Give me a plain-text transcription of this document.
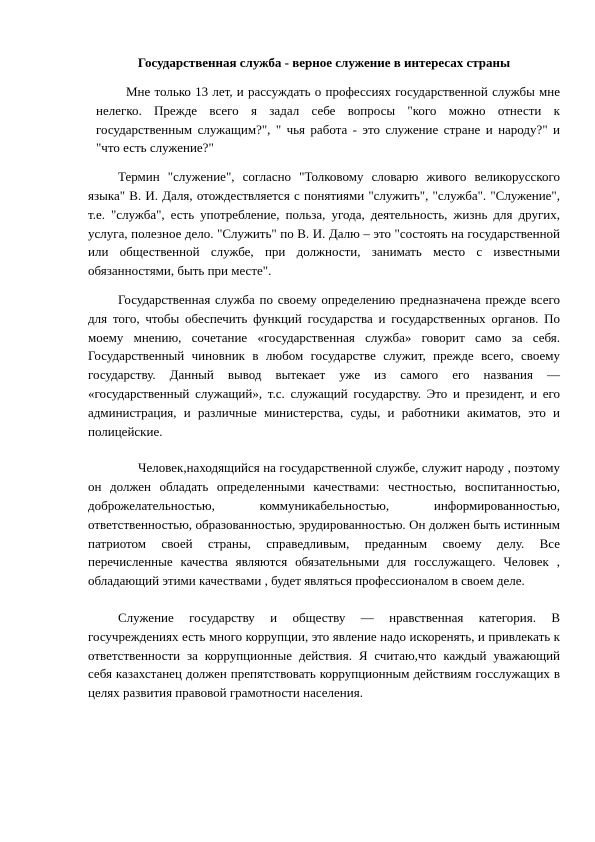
Государственная служба - верное служение в интересах страны

Мне только 13 лет, и рассуждать о профессиях государственной службы мне нелегко. Прежде всего я задал себе вопросы "кого можно отнести к государственным служащим?", " чья работа - это служение стране и народу?" и "что есть служение?"

Термин "служение", согласно "Толковому словарю живого великорусского языка" В. И. Даля, отождествляется с понятиями "служить", "служба". "Служение", т.е. "служба", есть употребление, польза, угода, деятельность, жизнь для других, услуга, полезное дело. "Служить" по В. И. Далю – это "состоять на государственной или общественной службе, при должности, занимать место с известными обязанностями, быть при месте".

Государственная служба по своему определению предназначена прежде всего для того, чтобы обеспечить функций государства и государственных органов. По моему мнению, сочетание «государственная служба» говорит само за себя. Государственный чиновник в любом государстве служит, прежде всего, своему государству. Данный вывод вытекает уже из самого его названия — «государственный служащий», т.с. служащий государству. Это и президент, и его администрация, и различные министерства, суды, и работники акиматов, это и полицейские.

Человек,находящийся на государственной службе, служит народу , поэтому он должен обладать определенными качествами: честностью, воспитанностью, доброжелательностью, коммуникабельностью, информированностью, ответственностью, образованностью, эрудированностью. Он должен быть истинным патриотом своей страны, справедливым, преданным своему делу. Все перечисленные качества являются обязательными для госслужащего. Человек , обладающий этими качествами , будет являться профессионалом в своем деле.

Служение государству и обществу — нравственная категория. В госучреждениях есть много коррупции, это явление надо искоренять, и привлекать к ответственности за коррупционные действия. Я считаю,что каждый уважающий себя казахстанец должен препятствовать коррупционным действиям госслужащих в целях развития правовой грамотности населения.
